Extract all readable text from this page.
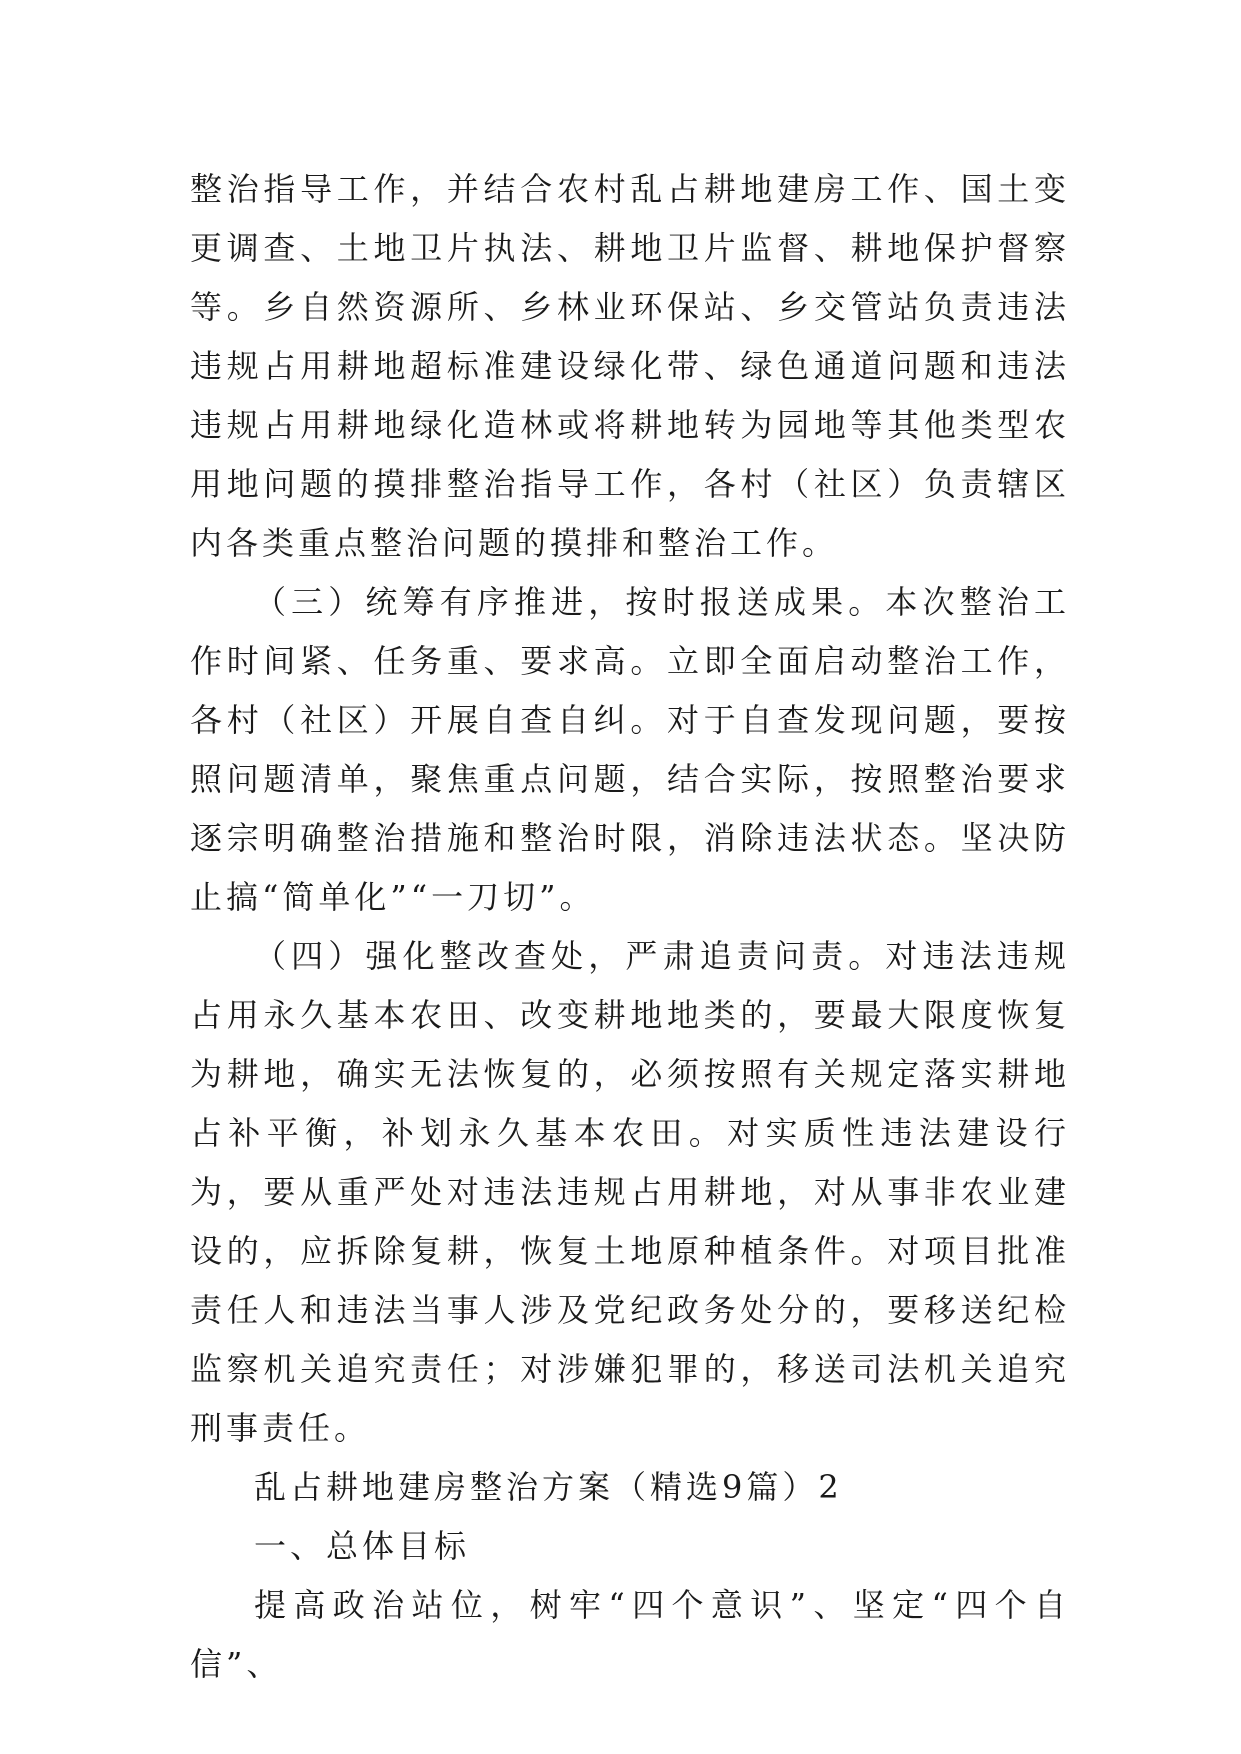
整治指导工作，并结合农村乱占耕地建房工作、国土变更调查、土地卫片执法、耕地卫片监督、耕地保护督察等。乡自然资源所、乡林业环保站、乡交管站负责违法违规占用耕地超标准建设绿化带、绿色通道问题和违法违规占用耕地绿化造林或将耕地转为园地等其他类型农用地问题的摸排整治指导工作，各村（社区）负责辖区内各类重点整治问题的摸排和整治工作。

（三）统筹有序推进，按时报送成果。本次整治工作时间紧、任务重、要求高。立即全面启动整治工作，各村（社区）开展自查自纠。对于自查发现问题，要按照问题清单，聚焦重点问题，结合实际，按照整治要求逐宗明确整治措施和整治时限，消除违法状态。坚决防止搞“简单化”“一刀切”。

（四）强化整改查处，严肃追责问责。对违法违规占用永久基本农田、改变耕地地类的，要最大限度恢复为耕地，确实无法恢复的，必须按照有关规定落实耕地占补平衡，补划永久基本农田。对实质性违法建设行为，要从重严处对违法违规占用耕地，对从事非农业建设的，应拆除复耕，恢复土地原种植条件。对项目批准责任人和违法当事人涉及党纪政务处分的，要移送纪检监察机关追究责任；对涉嫌犯罪的，移送司法机关追究刑事责任。

乱占耕地建房整治方案（精选9篇）2

一、总体目标

提高政治站位，树牢“四个意识”、坚定“四个自信”、
